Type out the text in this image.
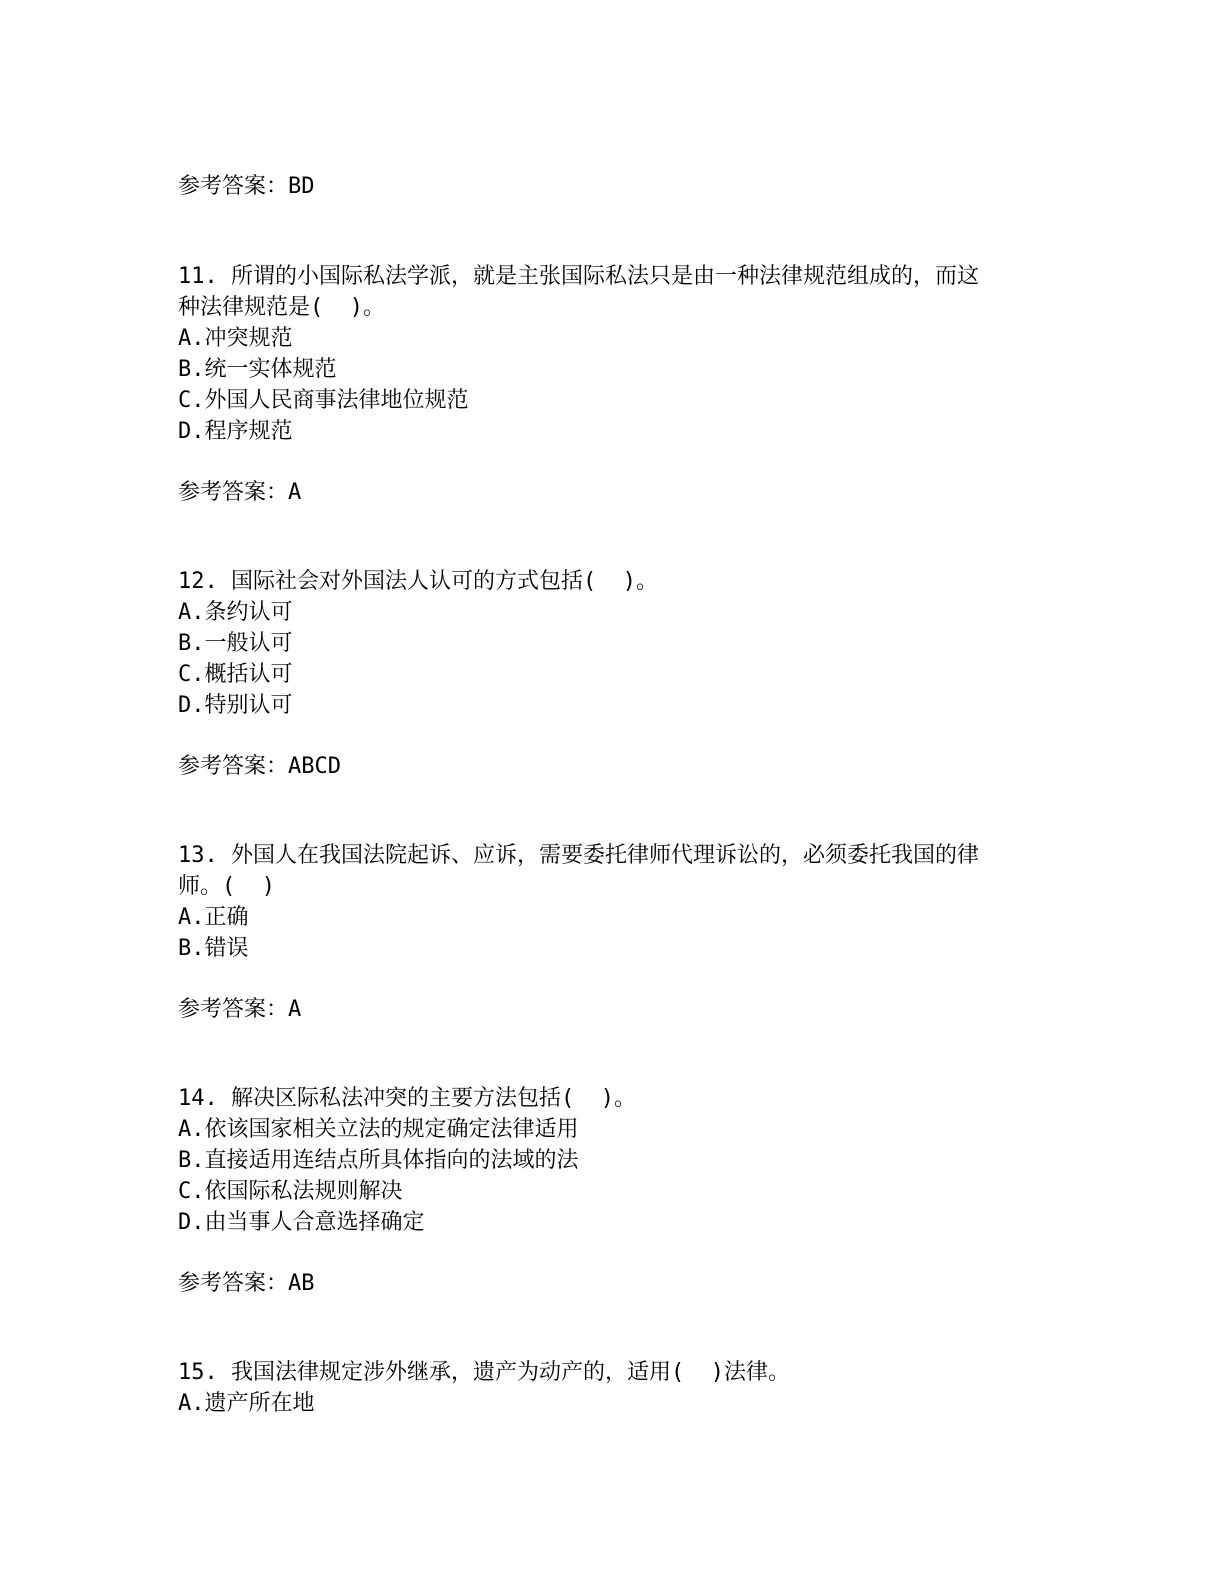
参考答案：BD

11. 所谓的小国际私法学派，就是主张国际私法只是由一种法律规范组成的，而这

种法律规范是(  )。

A.冲突规范

B.统一实体规范

C.外国人民商事法律地位规范

D.程序规范

参考答案：A

12. 国际社会对外国法人认可的方式包括(  )。

A.条约认可

B.一般认可

C.概括认可

D.特别认可

参考答案：ABCD

13. 外国人在我国法院起诉、应诉，需要委托律师代理诉讼的，必须委托我国的律

师。(  )

A.正确

B.错误

参考答案：A

14. 解决区际私法冲突的主要方法包括(  )。

A.依该国家相关立法的规定确定法律适用

B.直接适用连结点所具体指向的法域的法

C.依国际私法规则解决

D.由当事人合意选择确定

参考答案：AB

15. 我国法律规定涉外继承，遗产为动产的，适用(  )法律。

A.遗产所在地
